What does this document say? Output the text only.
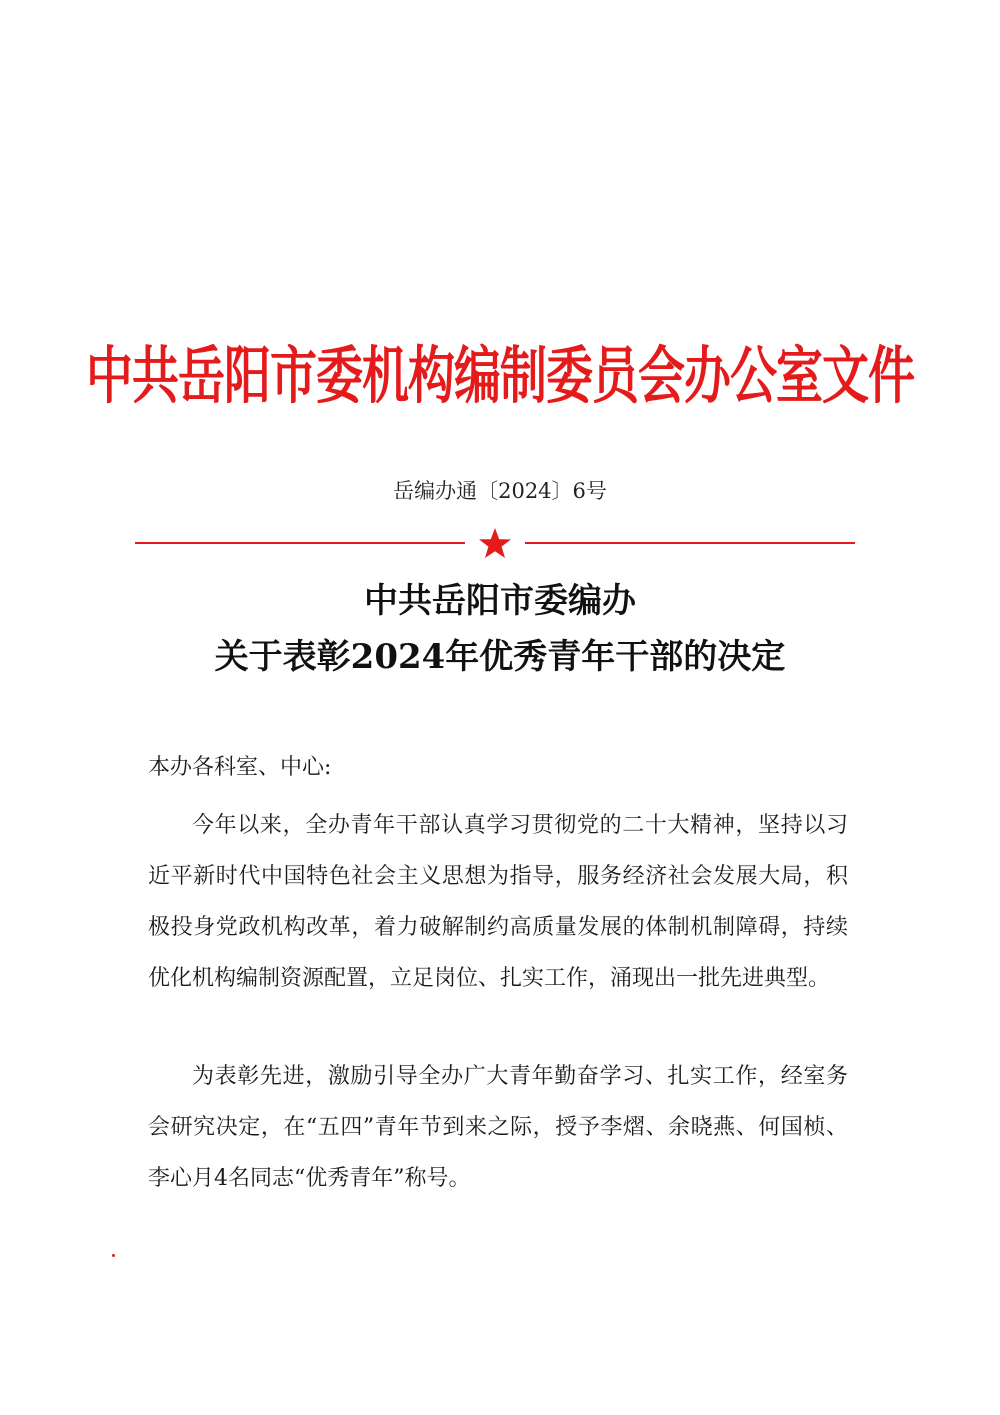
中共岳阳市委机构编制委员会办公室文件
岳编办通〔2024〕6号
中共岳阳市委编办
关于表彰2024年优秀青年干部的决定
本办各科室、中心:
今年以来，全办青年干部认真学习贯彻党的二十大精神，坚持以习近平新时代中国特色社会主义思想为指导，服务经济社会发展大局，积极投身党政机构改革，着力破解制约高质量发展的体制机制障碍，持续优化机构编制资源配置，立足岗位、扎实工作，涌现出一批先进典型。
为表彰先进，激励引导全办广大青年勤奋学习、扎实工作，经室务会研究决定，在“五四”青年节到来之际，授予李熠、余晓燕、何国桢、李心月4名同志“优秀青年”称号。
